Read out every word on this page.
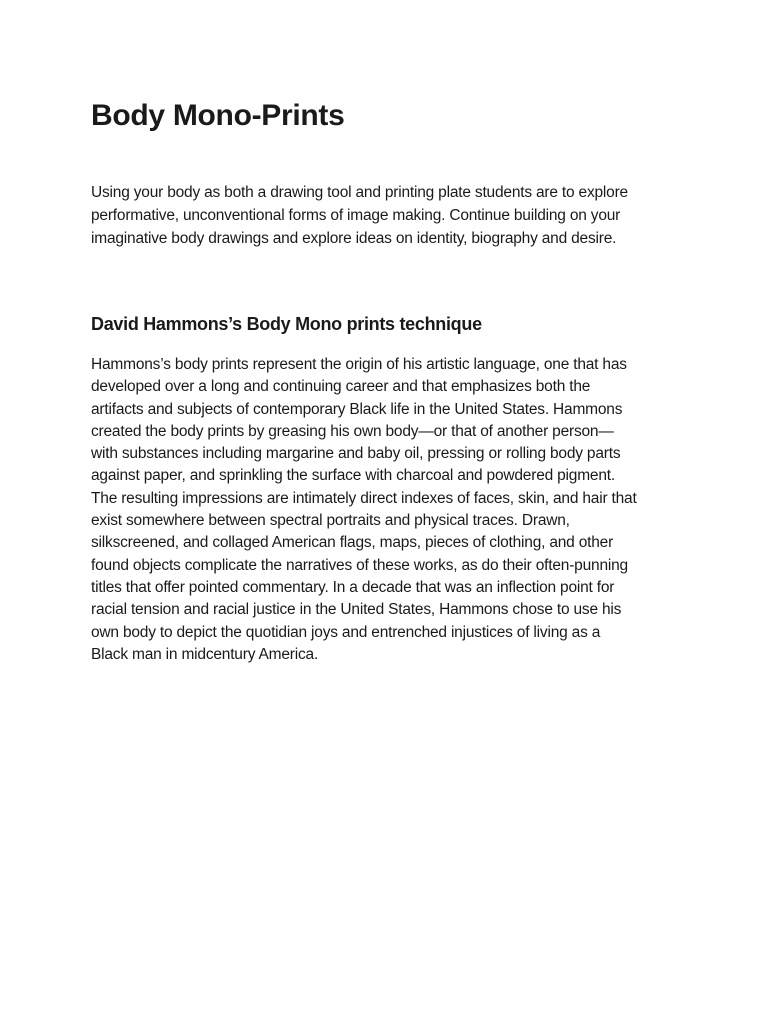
Body Mono-Prints

Using your body as both a drawing tool and printing plate students are to explore
performative, unconventional forms of image making. Continue building on your
imaginative body drawings and explore ideas on identity, biography and desire.

David Hammons’s Body Mono prints technique

Hammons’s body prints represent the origin of his artistic language, one that has
developed over a long and continuing career and that emphasizes both the
artifacts and subjects of contemporary Black life in the United States. Hammons
created the body prints by greasing his own body—or that of another person—
with substances including margarine and baby oil, pressing or rolling body parts
against paper, and sprinkling the surface with charcoal and powdered pigment.
The resulting impressions are intimately direct indexes of faces, skin, and hair that
exist somewhere between spectral portraits and physical traces. Drawn,
silkscreened, and collaged American flags, maps, pieces of clothing, and other
found objects complicate the narratives of these works, as do their often-punning
titles that offer pointed commentary. In a decade that was an inflection point for
racial tension and racial justice in the United States, Hammons chose to use his
own body to depict the quotidian joys and entrenched injustices of living as a
Black man in midcentury America.
